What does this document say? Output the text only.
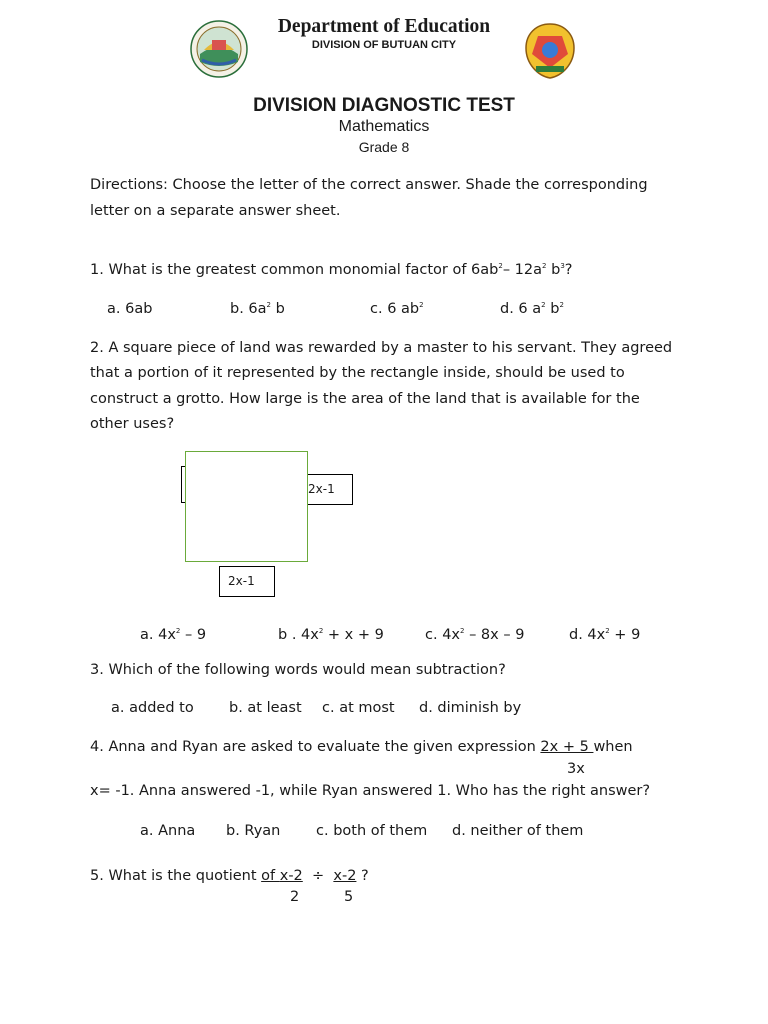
Department of Education
DIVISION OF BUTUAN CITY
DIVISION DIAGNOSTIC TEST
Mathematics
Grade 8
Directions: Choose the letter of the correct answer. Shade the corresponding
letter on a separate answer sheet.
1. What is the greatest common monomial factor of $6ab^2-$ $12a^2$ $b^3$?
a. 6ab	b. $6a^2$ b	c. 6 $ab^2$	d. 6 $a^2$ $b^2$
2. A square piece of land was rewarded by a master to his servant. They agreed
that a portion of it represented by the rectangle inside, should be used to
construct a grotto. How large is the area of the land that is available for the
other uses?
2x-1
2x-1
a. $4x^2 - 9$	b . $4x^2 + x + 9$	c. $4x^2 - 8x - 9$	d. $4x^2 + 9$
3. Which of the following words would mean subtraction?
a. added to b. at least c. at most d. diminish by
4. Anna and Ryan are asked to evaluate the given expression 2x + 5 when
3x
x= -1. Anna answered -1, while Ryan answered 1. Who has the right answer?
a. Anna b. Ryan c. both of them d. neither of them
5. What is the quotient of x-2 ÷ x-2 ?
2	5
